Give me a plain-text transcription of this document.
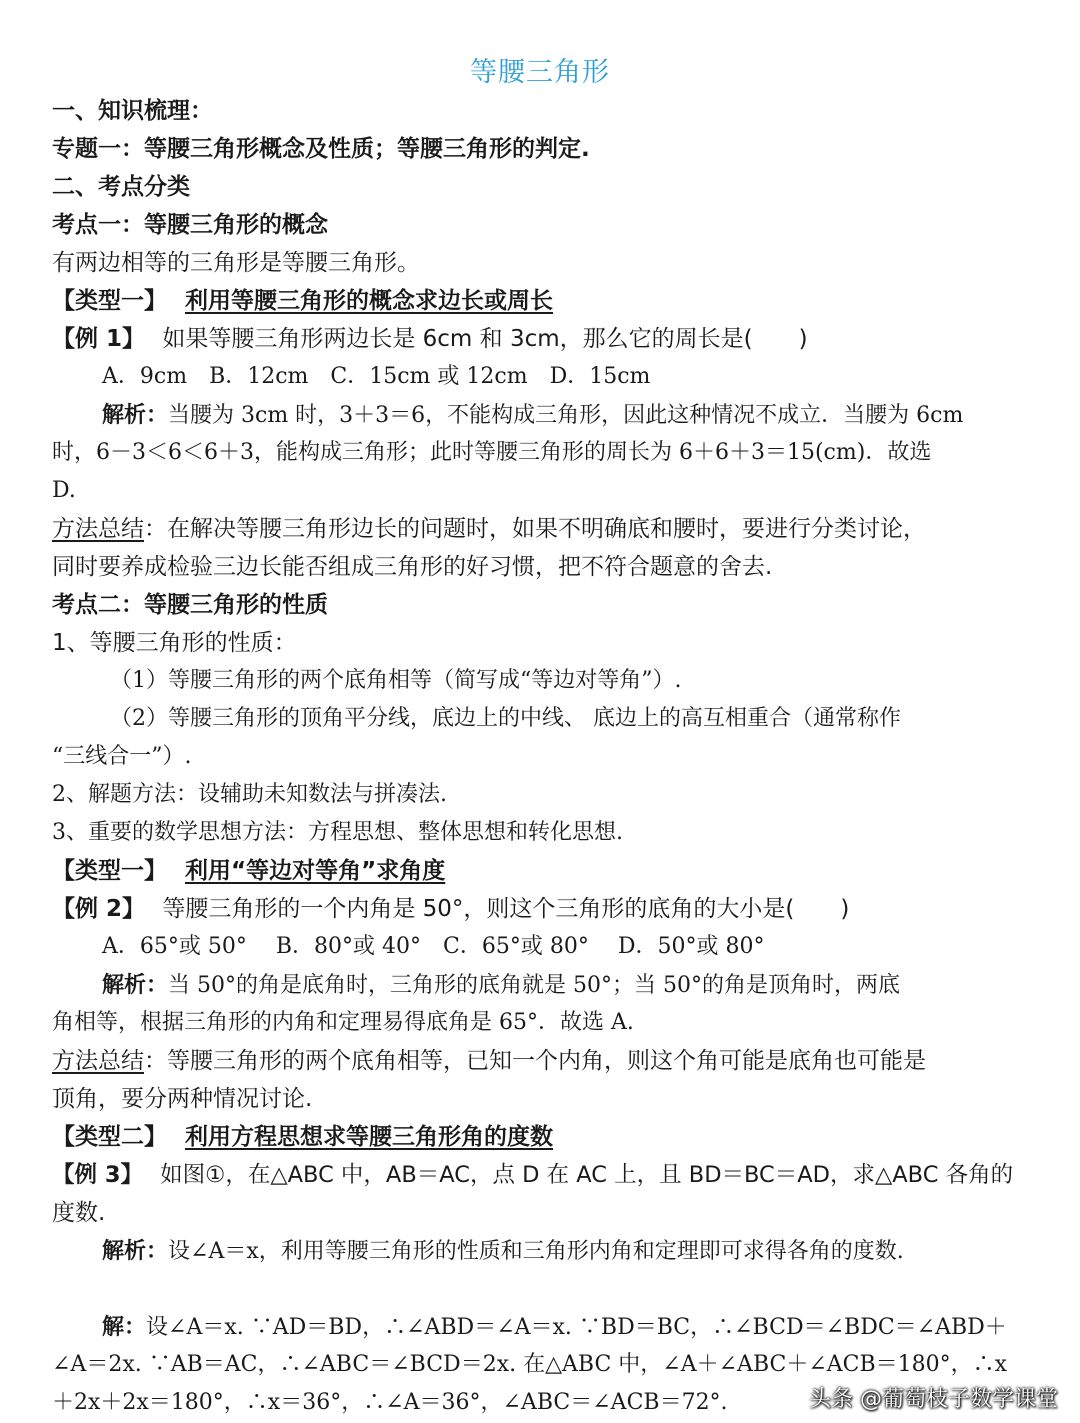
等腰三角形
一、知识梳理：
专题一：等腰三角形概念及性质；等腰三角形的判定.
二、考点分类
考点一：等腰三角形的概念
有两边相等的三角形是等腰三角形。
【类型一】 利用等腰三角形的概念求边长或周长
【例 1】 如果等腰三角形两边长是 6cm 和 3cm，那么它的周长是(　　)
A．9cm　B．12cm　C．15cm 或 12cm　D．15cm
解析：当腰为 3cm 时，3＋3＝6，不能构成三角形，因此这种情况不成立．当腰为 6cm
时，6－3＜6＜6＋3，能构成三角形；此时等腰三角形的周长为 6＋6＋3＝15(cm)．故选
D.
方法总结：在解决等腰三角形边长的问题时，如果不明确底和腰时，要进行分类讨论，
同时要养成检验三边长能否组成三角形的好习惯，把不符合题意的舍去.
考点二：等腰三角形的性质
1、等腰三角形的性质：
（1）等腰三角形的两个底角相等（简写成“等边对等角”）.
（2）等腰三角形的顶角平分线，底边上的中线、 底边上的高互相重合（通常称作
“三线合一”）.
2、解题方法：设辅助未知数法与拼凑法.
3、重要的数学思想方法：方程思想、整体思想和转化思想.
【类型一】 利用“等边对等角”求角度
【例 2】 等腰三角形的一个内角是 50°，则这个三角形的底角的大小是(　　)
A．65°或 50°　 B．80°或 40°　C．65°或 80°　 D．50°或 80°
解析：当 50°的角是底角时，三角形的底角就是 50°；当 50°的角是顶角时，两底
角相等，根据三角形的内角和定理易得底角是 65°．故选 A.
方法总结：等腰三角形的两个底角相等，已知一个内角，则这个角可能是底角也可能是
顶角，要分两种情况讨论.
【类型二】 利用方程思想求等腰三角形角的度数
【例 3】 如图①，在△ABC 中，AB＝AC，点 D 在 AC 上，且 BD＝BC＝AD，求△ABC 各角的
度数.
解析：设∠A＝x，利用等腰三角形的性质和三角形内角和定理即可求得各角的度数.
解：设∠A＝x. ∵AD＝BD，∴∠ABD＝∠A＝x. ∵BD＝BC，∴∠BCD＝∠BDC＝∠ABD＋
∠A＝2x. ∵AB＝AC，∴∠ABC＝∠BCD＝2x. 在△ABC 中，∠A＋∠ABC＋∠ACB＝180°，∴x
＋2x＋2x＝180°，∴x＝36°，∴∠A＝36°，∠ABC＝∠ACB＝72°.	头条 @葡萄枝子数学课堂
